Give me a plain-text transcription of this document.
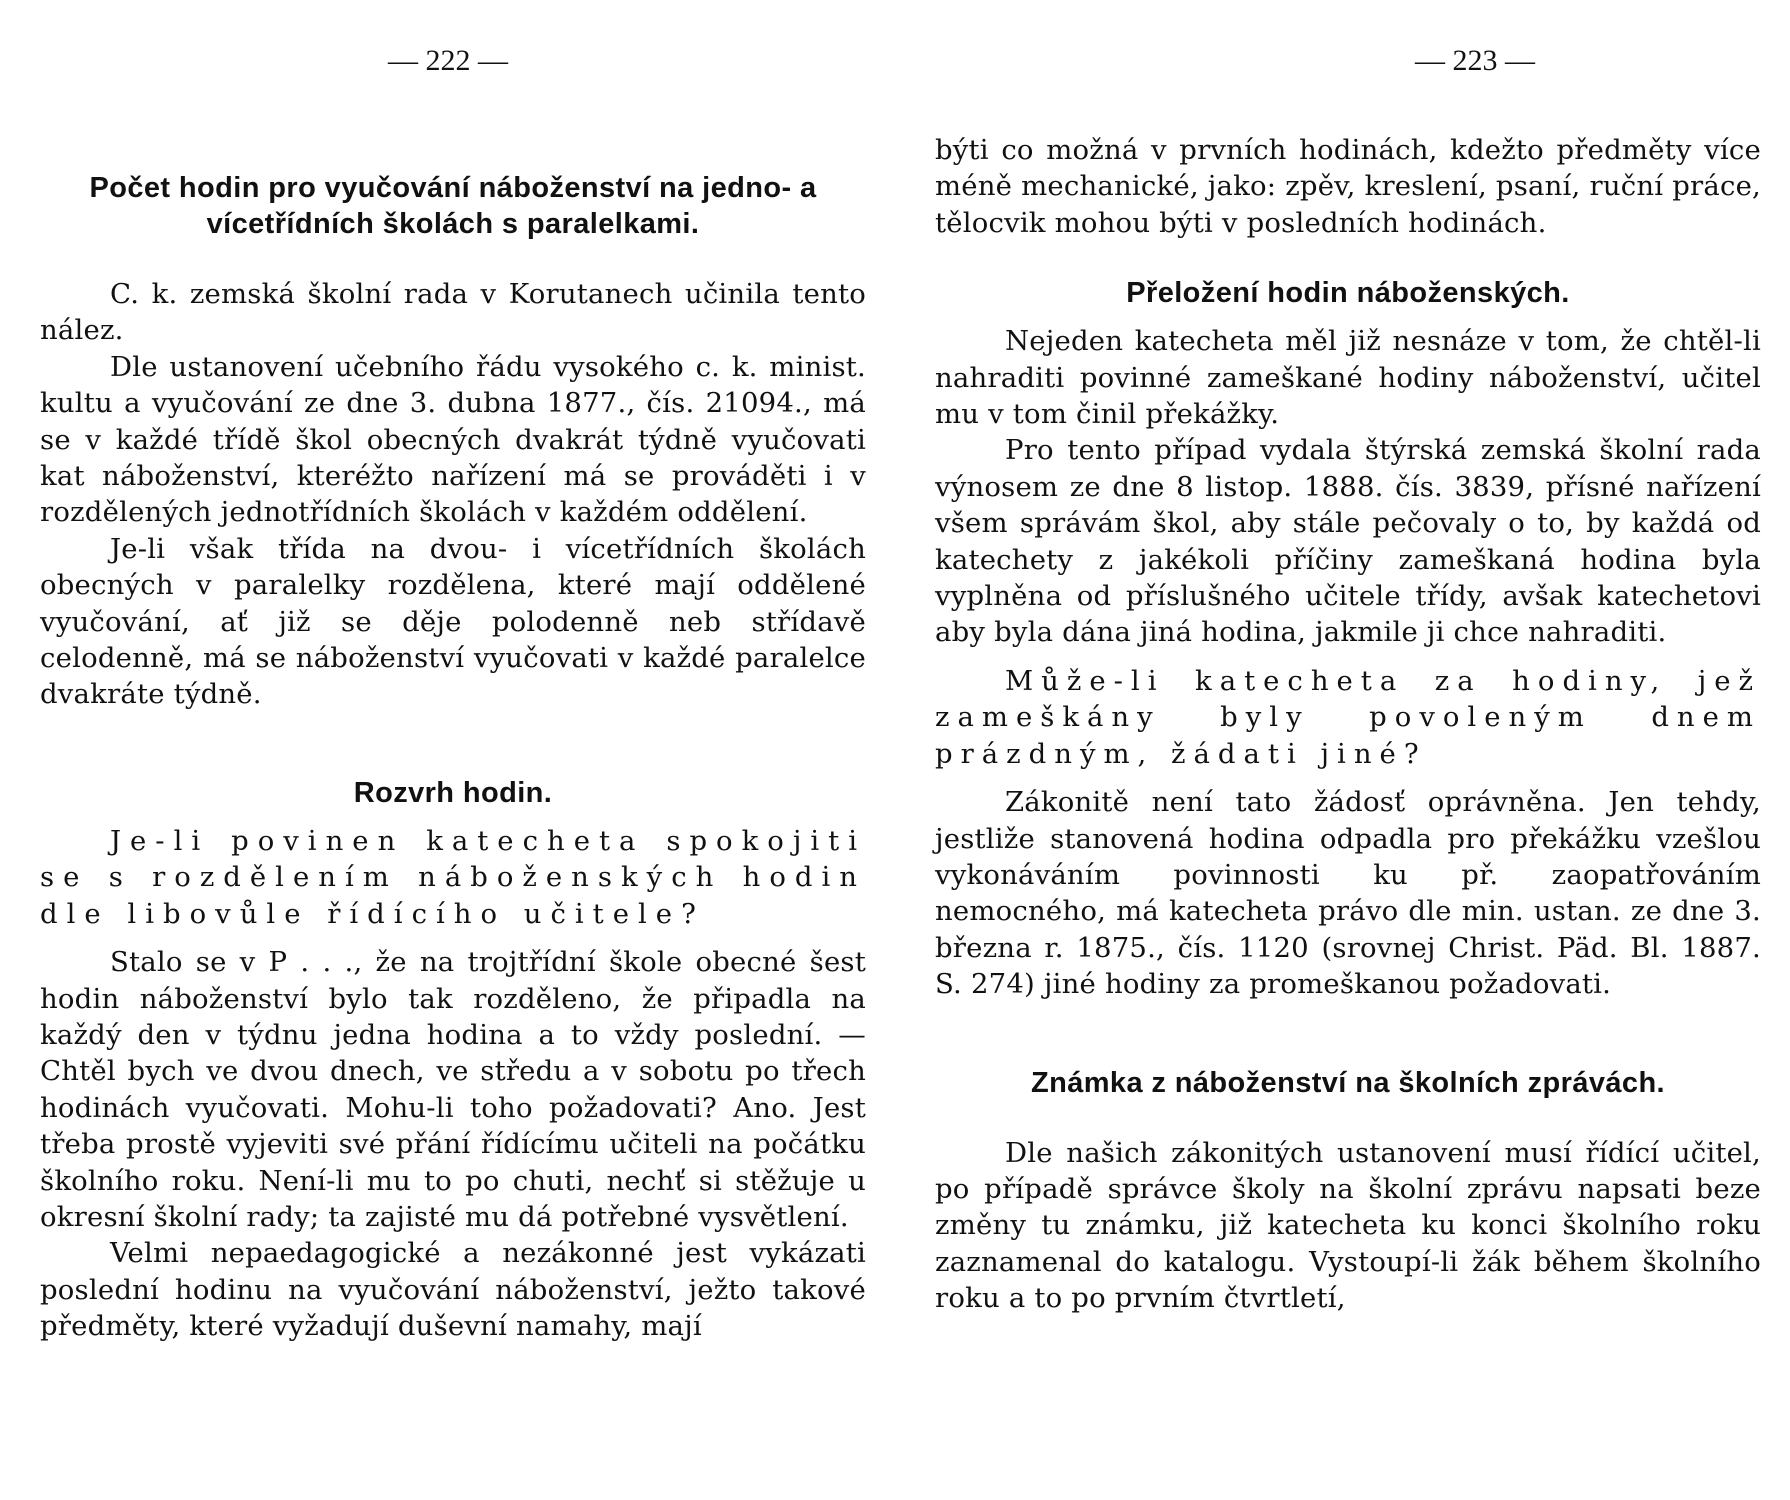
— 222 —
Počet hodin pro vyučování náboženství na jedno- a vícetřídních školách s paralelkami.

C. k. zemská školní rada v Korutanech učinila tento nález.

Dle ustanovení učebního řádu vysokého c. k. minist. kultu a vyučování ze dne 3. dubna 1877., čís. 21094., má se v každé třídě škol obecných dvakrát týdně vyučovati kat náboženství, kteréžto nařízení má se prováděti i v rozdělených jednotřídních školách v každém oddělení.

Je-li však třída na dvou- i vícetřídních školách obecných v paralelky rozdělena, které mají oddělené vyučování, ať již se děje polodenně neb střídavě celodenně, má se náboženství vyučovati v každé paralelce dvakráte týdně.

Rozvrh hodin.

Je-li povinen katecheta spokojiti se s rozdělením náboženských hodin dle libovůle řídícího učitele?

Stalo se v P . . ., že na trojtřídní škole obecné šest hodin náboženství bylo tak rozděleno, že připadla na každý den v týdnu jedna hodina a to vždy poslední. — Chtěl bych ve dvou dnech, ve středu a v sobotu po třech hodinách vyučovati. Mohu-li toho požadovati? Ano. Jest třeba prostě vyjeviti své přání řídícímu učiteli na počátku školního roku. Není-li mu to po chuti, nechť si stěžuje u okresní školní rady; ta zajisté mu dá potřebné vysvětlení.

Velmi nepaedagogické a nezákonné jest vykázati poslední hodinu na vyučování náboženství, ježto takové předměty, které vyžadují duševní namahy, mají

— 223 —

býti co možná v prvních hodinách, kdežto předměty více méně mechanické, jako: zpěv, kreslení, psaní, ruční práce, tělocvik mohou býti v posledních hodinách.

Přeložení hodin náboženských.

Nejeden katecheta měl již nesnáze v tom, že chtěl-li nahraditi povinné zameškané hodiny náboženství, učitel mu v tom činil překážky.

Pro tento případ vydala štýrská zemská školní rada výnosem ze dne 8 listop. 1888. čís. 3839, přísné nařízení všem správám škol, aby stále pečovaly o to, by každá od katechety z jakékoli příčiny zameškaná hodina byla vyplněna od příslušného učitele třídy, avšak katechetovi aby byla dána jiná hodina, jakmile ji chce nahraditi.

Může-li katecheta za hodiny, jež zameškány byly povoleným dnem prázdným, žádati jiné?

Zákonitě není tato žádosť oprávněna. Jen tehdy, jestliže stanovená hodina odpadla pro překážku vzešlou vykonáváním povinnosti ku př. zaopatřováním nemocného, má katecheta právo dle min. ustan. ze dne 3. března r. 1875., čís. 1120 (srovnej Christ. Päd. Bl. 1887. S. 274) jiné hodiny za promeškanou požadovati.

Známka z náboženství na školních zprávách.

Dle našich zákonitých ustanovení musí řídící učitel, po případě správce školy na školní zprávu napsati beze změny tu známku, již katecheta ku konci školního roku zaznamenal do katalogu. Vystoupí-li žák během školního roku a to po prvním čtvrtletí,
